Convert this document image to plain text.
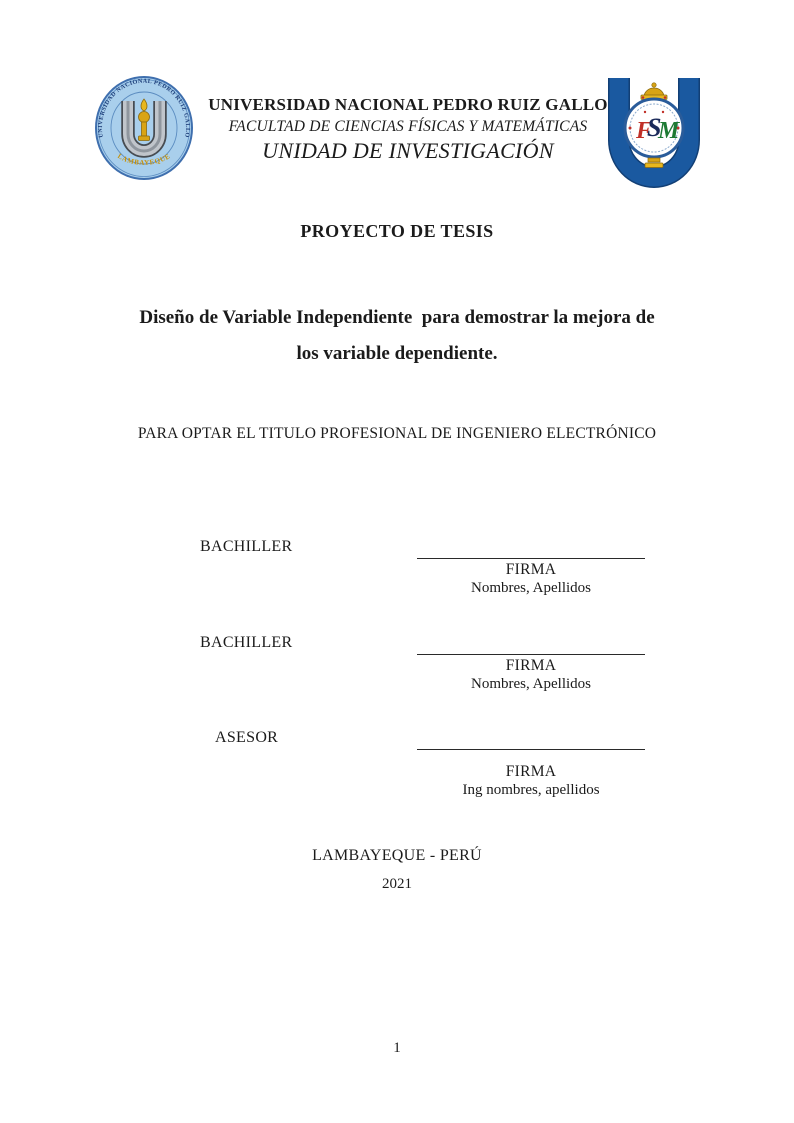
UNIVERSIDAD NACIONAL PEDRO RUIZ GALLO
LAMBAYEQUE
UNIVERSIDAD NACIONAL PEDRO RUIZ GALLO
FACULTAD DE CIENCIAS FÍSICAS Y MATEMÁTICAS
UNIDAD DE INVESTIGACIÓN
F
S
M
PROYECTO DE TESIS
Diseño de Variable Independiente  para demostrar la mejora de
los variable dependiente.
PARA OPTAR EL TITULO PROFESIONAL DE INGENIERO ELECTRÓNICO
BACHILLER
FIRMA
Nombres, Apellidos
BACHILLER
FIRMA
Nombres, Apellidos
ASESOR
FIRMA
Ing nombres, apellidos
LAMBAYEQUE - PERÚ
2021
1
